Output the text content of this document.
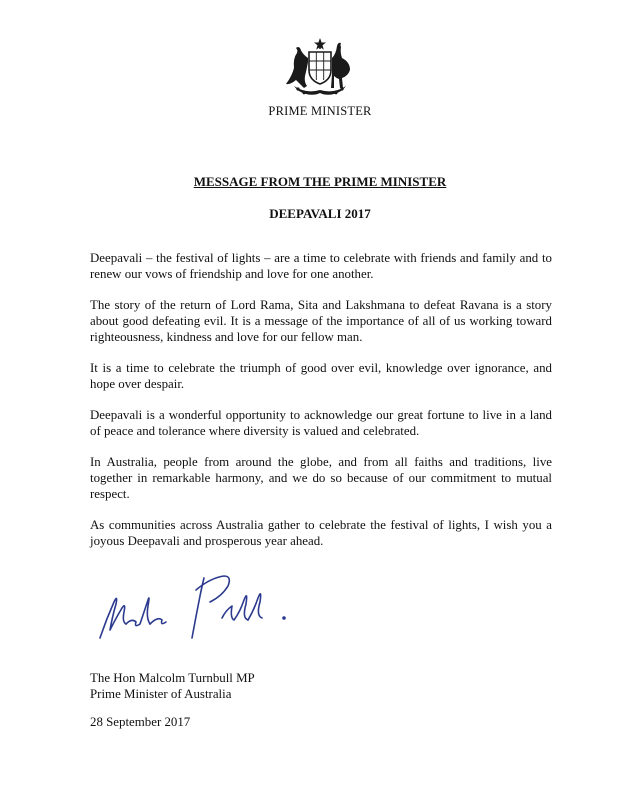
PRIME MINISTER
MESSAGE FROM THE PRIME MINISTER
DEEPAVALI 2017

Deepavali – the festival of lights – are a time to celebrate with friends and family and to renew our vows of friendship and love for one another.

The story of the return of Lord Rama, Sita and Lakshmana to defeat Ravana is a story about good defeating evil. It is a message of the importance of all of us working toward righteousness, kindness and love for our fellow man.

It is a time to celebrate the triumph of good over evil, knowledge over ignorance, and hope over despair.

Deepavali is a wonderful opportunity to acknowledge our great fortune to live in a land of peace and tolerance where diversity is valued and celebrated.

In Australia, people from around the globe, and from all faiths and traditions, live together in remarkable harmony, and we do so because of our commitment to mutual respect.

As communities across Australia gather to celebrate the festival of lights, I wish you a joyous Deepavali and prosperous year ahead.

The Hon Malcolm Turnbull MP
Prime Minister of Australia
28 September 2017
